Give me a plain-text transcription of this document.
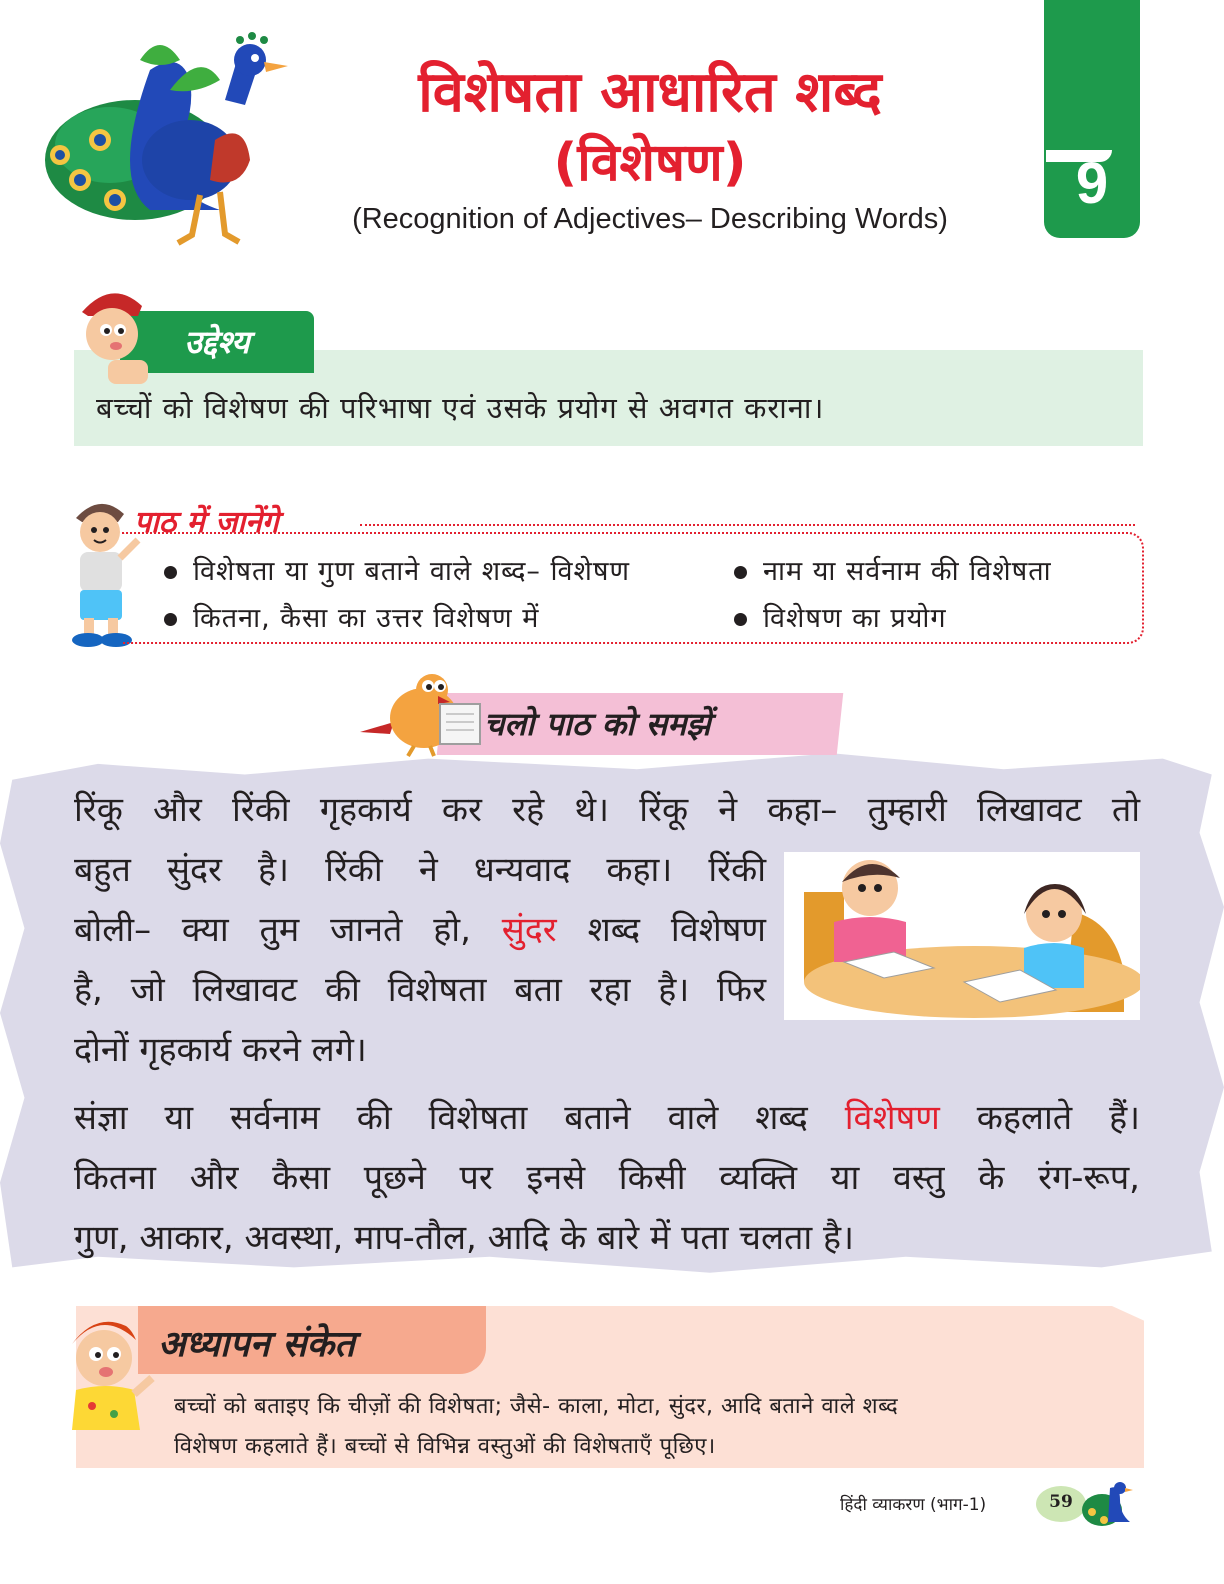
विशेषता आधारित शब्द
(विशेषण)
(Recognition of Adjectives– Describing Words)
9
उद्देश्य
बच्चों को विशेषण की परिभाषा एवं उसके प्रयोग से अवगत कराना।
पाठ में जानेंगे
विशेषता या गुण बताने वाले शब्द– विशेषण	नाम या सर्वनाम की विशेषता
कितना, कैसा का उत्तर विशेषण में	विशेषण का प्रयोग
चलो पाठ को समझें
रिंकू और रिंकी गृहकार्य कर रहे थे। रिंकू ने कहा– तुम्हारी लिखावट तो
बहुत सुंदर है। रिंकी ने धन्यवाद कहा। रिंकी
बोली– क्या तुम जानते हो, सुंदर शब्द विशेषण
है, जो लिखावट की विशेषता बता रहा है। फिर
दोनों गृहकार्य करने लगे।
संज्ञा या सर्वनाम की विशेषता बताने वाले शब्द विशेषण कहलाते हैं।
कितना और कैसा पूछने पर इनसे किसी व्यक्ति या वस्तु के रंग-रूप,
गुण, आकार, अवस्था, माप-तौल, आदि के बारे में पता चलता है।
अध्यापन संकेत
बच्चों को बताइए कि चीज़ों की विशेषता; जैसे- काला, मोटा, सुंदर, आदि बताने वाले शब्द
विशेषण कहलाते हैं। बच्चों से विभिन्न वस्तुओं की विशेषताएँ पूछिए।
हिंदी व्याकरण (भाग-1)	59
